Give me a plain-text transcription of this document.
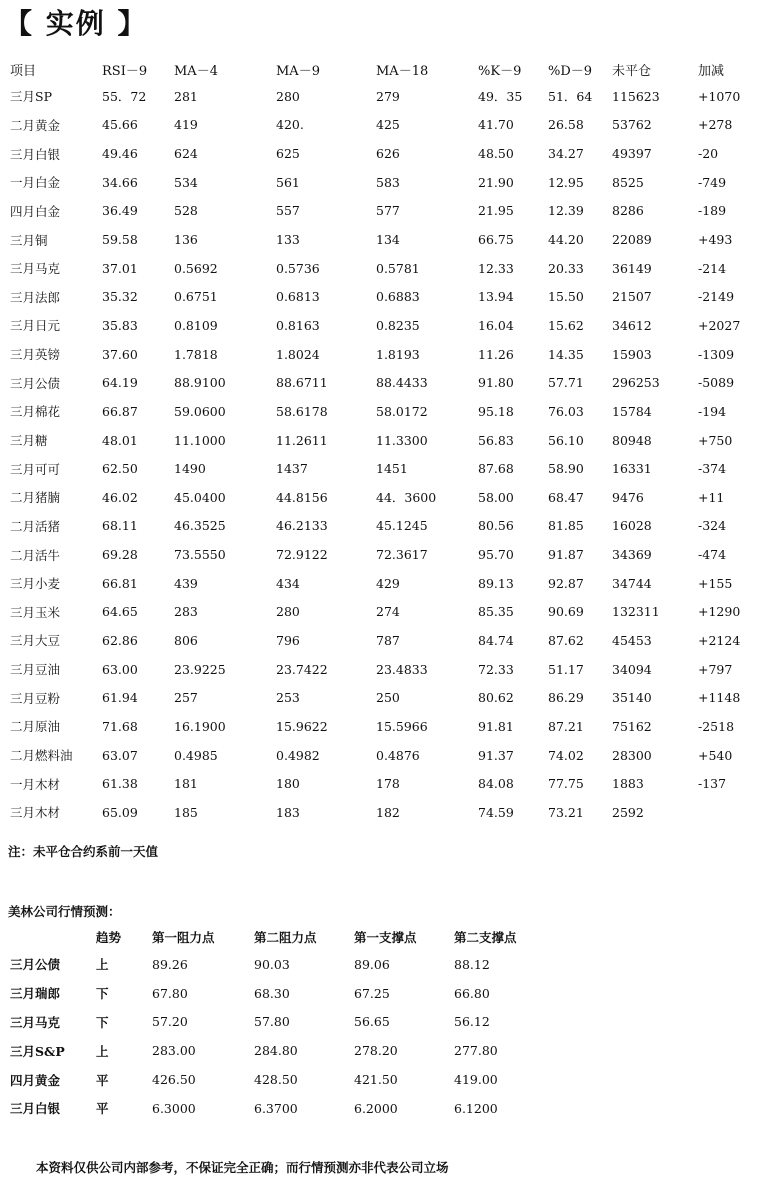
【 实例 】
项目	RSI－9	MA－4	MA－9	MA－18	%K－9	%D－9	未平仓	加减
三月SP	55．72	281	280	279	49．35	51．64	115623	+1070
二月黄金	45.66	419	420.	425	41.70	26.58	53762	+278
三月白银	49.46	624	625	626	48.50	34.27	49397	-20
一月白金	34.66	534	561	583	21.90	12.95	8525	-749
四月白金	36.49	528	557	577	21.95	12.39	8286	-189
三月铜	59.58	136	133	134	66.75	44.20	22089	+493
三月马克	37.01	0.5692	0.5736	0.5781	12.33	20.33	36149	-214
三月法郎	35.32	0.6751	0.6813	0.6883	13.94	15.50	21507	-2149
三月日元	35.83	0.8109	0.8163	0.8235	16.04	15.62	34612	+2027
三月英镑	37.60	1.7818	1.8024	1.8193	11.26	14.35	15903	-1309
三月公债	64.19	88.9100	88.6711	88.4433	91.80	57.71	296253	-5089
三月棉花	66.87	59.0600	58.6178	58.0172	95.18	76.03	15784	-194
三月糖	48.01	11.1000	11.2611	11.3300	56.83	56.10	80948	+750
三月可可	62.50	1490	1437	1451	87.68	58.90	16331	-374
二月猪腩	46.02	45.0400	44.8156	44．3600	58.00	68.47	9476	+11
二月活猪	68.11	46.3525	46.2133	45.1245	80.56	81.85	16028	-324
二月活牛	69.28	73.5550	72.9122	72.3617	95.70	91.87	34369	-474
三月小麦	66.81	439	434	429	89.13	92.87	34744	+155
三月玉米	64.65	283	280	274	85.35	90.69	132311	+1290
三月大豆	62.86	806	796	787	84.74	87.62	45453	+2124
三月豆油	63.00	23.9225	23.7422	23.4833	72.33	51.17	34094	+797
三月豆粉	61.94	257	253	250	80.62	86.29	35140	+1148
二月原油	71.68	16.1900	15.9622	15.5966	91.81	87.21	75162	-2518
二月燃料油	63.07	0.4985	0.4982	0.4876	91.37	74.02	28300	+540
一月木材	61.38	181	180	178	84.08	77.75	1883	-137
三月木材	65.09	185	183	182	74.59	73.21	2592	
注：未平仓合约系前一天值
美林公司行情预测：
	趋势	第一阻力点	第二阻力点	第一支撑点	第二支撑点
三月公债	上	89.26	90.03	89.06	88.12
三月瑞郎	下	67.80	68.30	67.25	66.80
三月马克	下	57.20	57.80	56.65	56.12
三月S&P	上	283.00	284.80	278.20	277.80
四月黄金	平	426.50	428.50	421.50	419.00
三月白银	平	6.3000	6.3700	6.2000	6.1200
本资料仅供公司内部参考，不保证完全正确；而行情预测亦非代表公司立场
